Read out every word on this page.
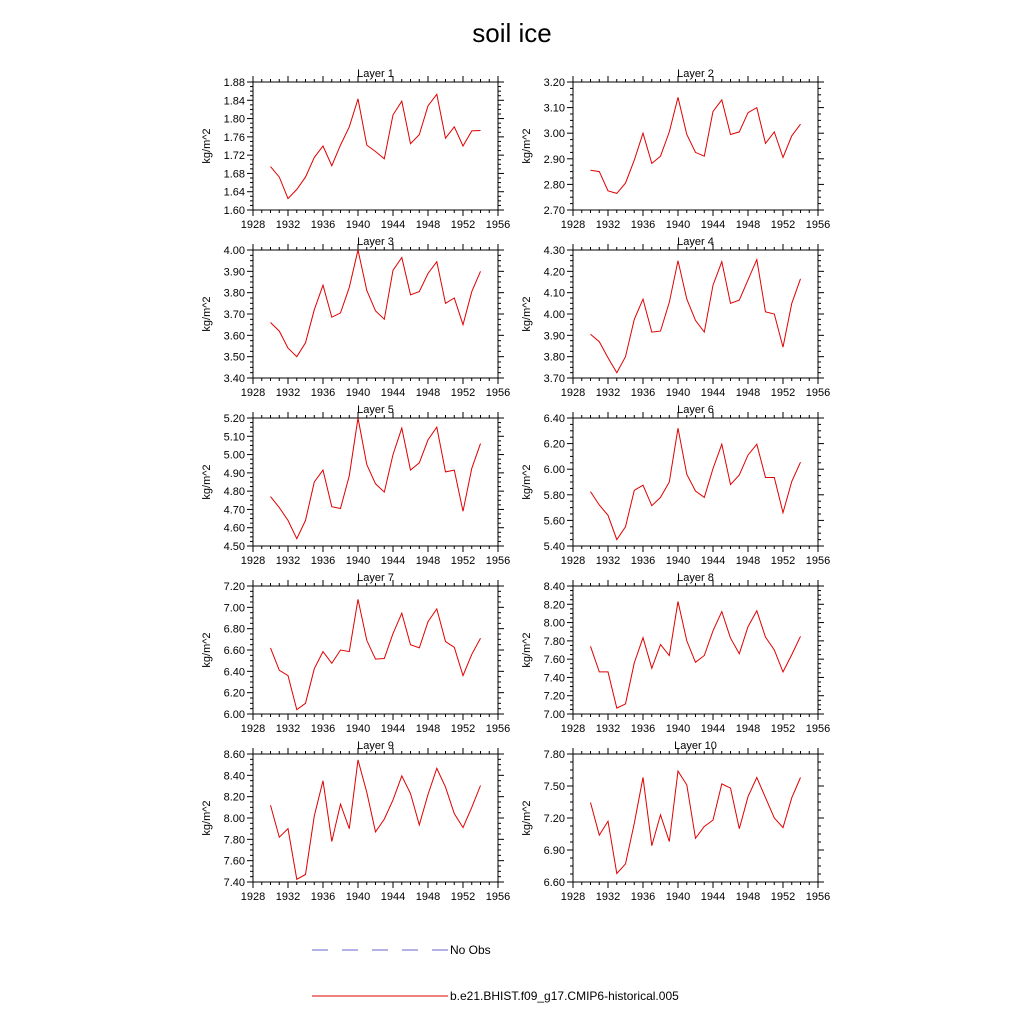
soil ice
Layer 1
1.60
1.64
1.68
1.72
1.76
1.80
1.84
1.88
1928 1932 1936 1940 1944 1948 1952 1956
kg/m^2
Layer 2
2.70
2.80
2.90
3.00
3.10
3.20
1928 1932 1936 1940 1944 1948 1952 1956
kg/m^2
Layer 3
3.40
3.50
3.60
3.70
3.80
3.90
4.00
1928 1932 1936 1940 1944 1948 1952 1956
kg/m^2
Layer 4
3.70
3.80
3.90
4.00
4.10
4.20
4.30
1928 1932 1936 1940 1944 1948 1952 1956
kg/m^2
Layer 5
4.50
4.60
4.70
4.80
4.90
5.00
5.10
5.20
1928 1932 1936 1940 1944 1948 1952 1956
kg/m^2
Layer 6
5.40
5.60
5.80
6.00
6.20
6.40
1928 1932 1936 1940 1944 1948 1952 1956
kg/m^2
Layer 7
6.00
6.20
6.40
6.60
6.80
7.00
7.20
1928 1932 1936 1940 1944 1948 1952 1956
kg/m^2
Layer 8
7.00
7.20
7.40
7.60
7.80
8.00
8.20
8.40
1928 1932 1936 1940 1944 1948 1952 1956
kg/m^2
Layer 9
7.40
7.60
7.80
8.00
8.20
8.40
8.60
1928 1932 1936 1940 1944 1948 1952 1956
kg/m^2
Layer 10
6.60
6.90
7.20
7.50
7.80
1928 1932 1936 1940 1944 1948 1952 1956
kg/m^2
No Obs
b.e21.BHIST.f09_g17.CMIP6-historical.005
